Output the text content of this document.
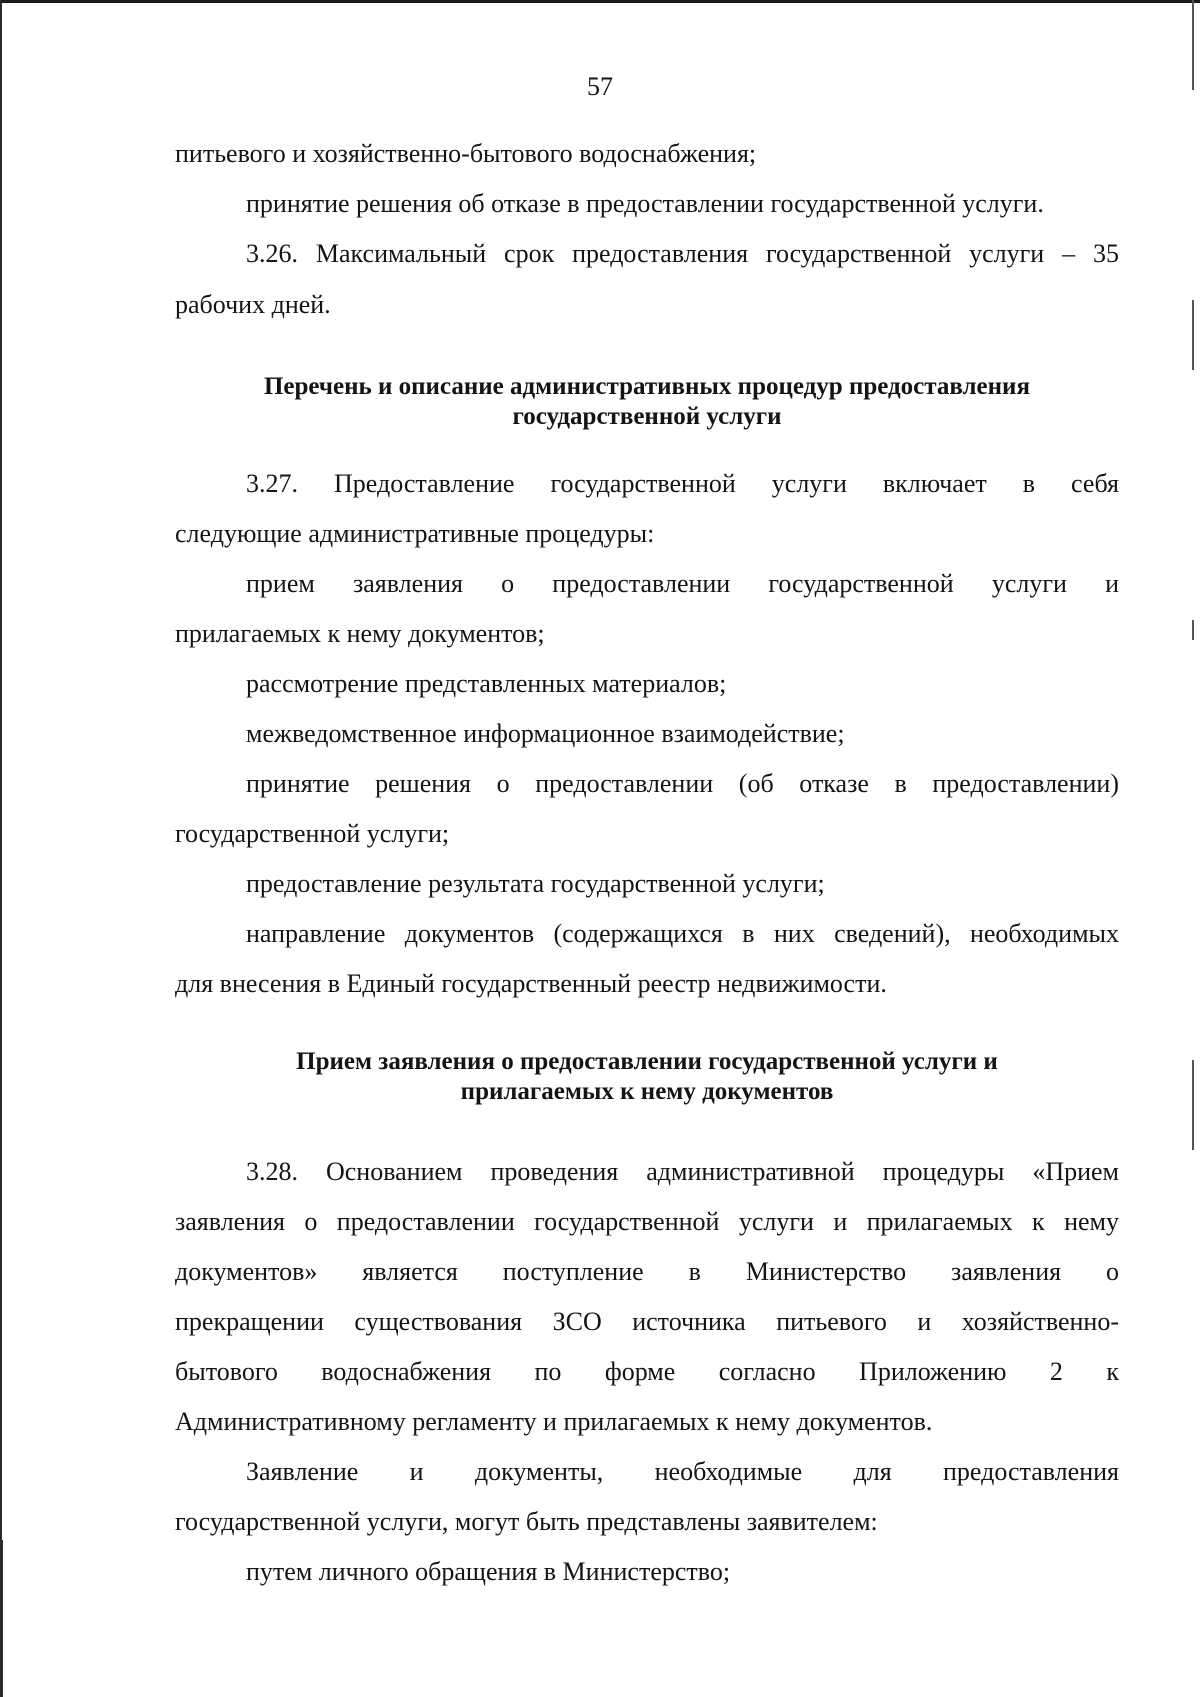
57
питьевого и хозяйственно-бытового водоснабжения;
принятие решения об отказе в предоставлении государственной услуги.
3.26. Максимальный срок предоставления государственной услуги – 35
рабочих дней.
Перечень и описание административных процедур предоставления
государственной услуги
3.27. Предоставление государственной услуги включает в себя
следующие административные процедуры:
прием заявления о предоставлении государственной услуги и
прилагаемых к нему документов;
рассмотрение представленных материалов;
межведомственное информационное взаимодействие;
принятие решения о предоставлении (об отказе в предоставлении)
государственной услуги;
предоставление результата государственной услуги;
направление документов (содержащихся в них сведений), необходимых
для внесения в Единый государственный реестр недвижимости.
Прием заявления о предоставлении государственной услуги и
прилагаемых к нему документов
3.28. Основанием проведения административной процедуры «Прием
заявления о предоставлении государственной услуги и прилагаемых к нему
документов» является поступление в Министерство заявления о
прекращении существования ЗСО источника питьевого и хозяйственно-
бытового водоснабжения по форме согласно Приложению 2 к
Административному регламенту и прилагаемых к нему документов.
Заявление и документы, необходимые для предоставления
государственной услуги, могут быть представлены заявителем:
путем личного обращения в Министерство;
